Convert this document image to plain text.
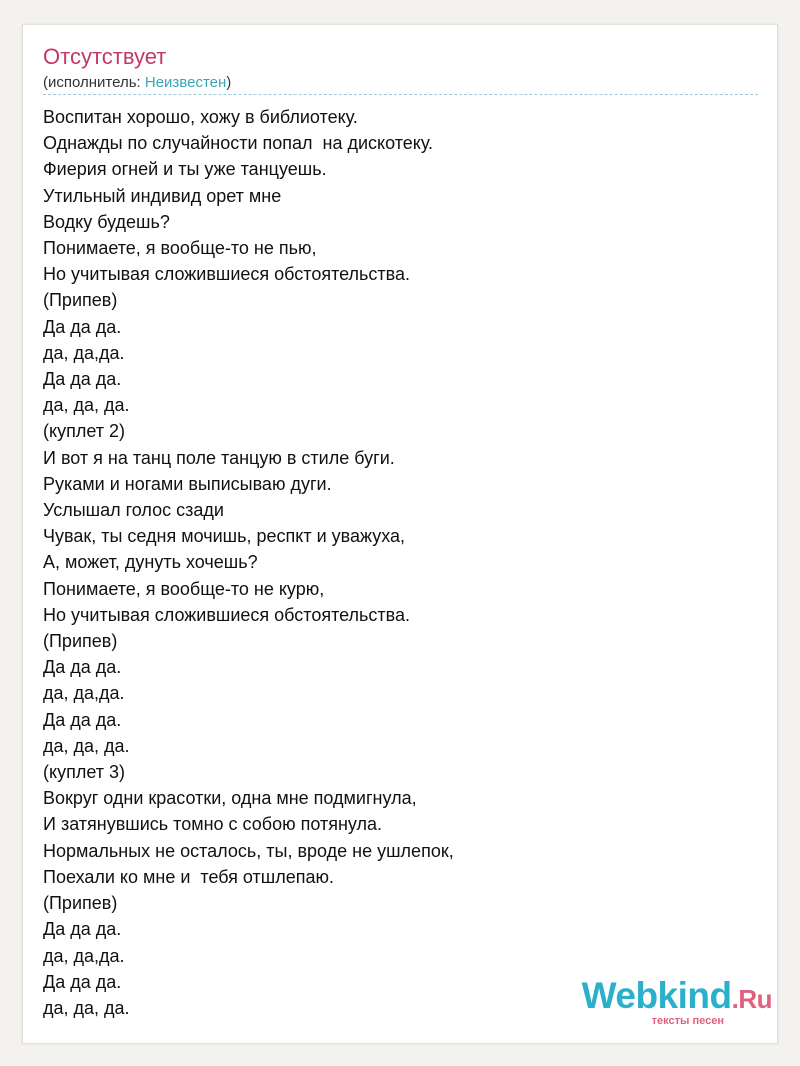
Отсутствует
(исполнитель: Неизвестен)
Воспитан хорошо, хожу в библиотеку.
Однажды по случайности попал  на дискотеку.
Фиерия огней и ты уже танцуешь.
Утильный индивид орет мне
Водку будешь?
Понимаете, я вообще-то не пью,
Но учитывая сложившиеся обстоятельства.
(Припев)
Да да да.
да, да,да.
Да да да.
да, да, да.
(куплет 2)
И вот я на танц поле танцую в стиле буги.
Руками и ногами выписываю дуги.
Услышал голос сзади
Чувак, ты седня мочишь, респкт и уважуха,
А, может, дунуть хочешь?
Понимаете, я вообще-то не курю,
Но учитывая сложившиеся обстоятельства.
(Припев)
Да да да.
да, да,да.
Да да да.
да, да, да.
(куплет 3)
Вокруг одни красотки, одна мне подмигнула,
И затянувшись томно с собою потянула.
Нормальных не осталось, ты, вроде не ушлепок,
Поехали ко мне и  тебя отшлепаю.
(Припев)
Да да да.
да, да,да.
Да да да.
да, да, да.	Webkind.Ru
тексты песен
